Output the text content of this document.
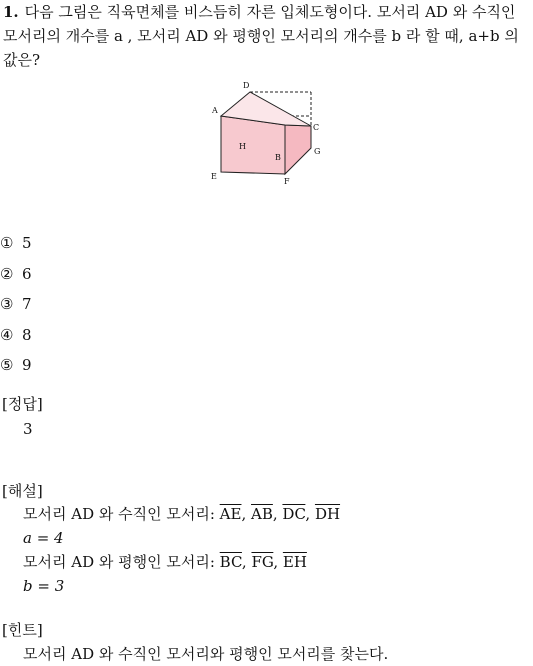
1. 다음 그림은 직육면체를 비스듬히 자른 입체도형이다. 모서리 AD 와 수직인 모서리의 개수를 a , 모서리 AD 와 평행인 모서리의 개수를 b 라 할 때, a+b 의 값은?
D
A
C
H
B
G
E
F
① 5
② 6
③ 7
④ 8
⑤ 9
[정답]
3
[해설]
모서리 AD 와 수직인 모서리: $\overline{AE}$, $\overline{AB}$, $\overline{DC}$, $\overline{DH}$
a = 4
모서리 AD 와 평행인 모서리: $\overline{BC}$, $\overline{FG}$, $\overline{EH}$
b = 3
[힌트]
모서리 AD 와 수직인 모서리와 평행인 모서리를 찾는다.
